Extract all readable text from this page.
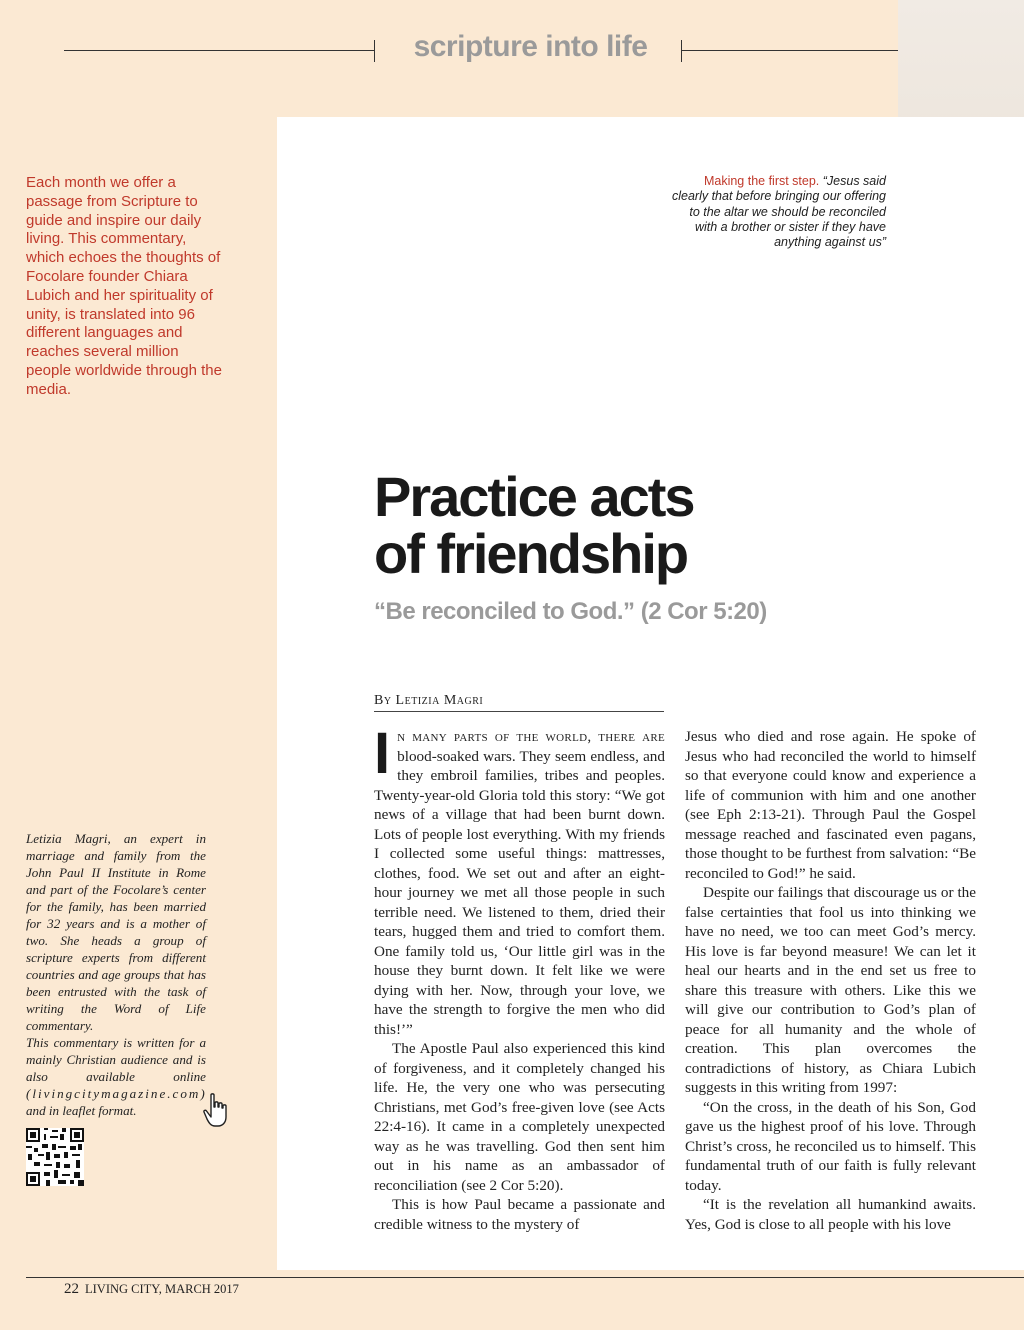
scripture into life
Each month we offer a passage from Scripture to guide and inspire our daily living. This commentary, which echoes the thoughts of Focolare founder Chiara Lubich and her spirituality of unity, is translated into 96 different languages and reaches several million people worldwide through the media.
Making the first step. “Jesus said clearly that before bringing our offering to the altar we should be reconciled with a brother or sister if they have anything against us”
Practice acts
of friendship
“Be reconciled to God.” (2 Cor 5:20)
By Letizia Magri

In many parts of the world, there are blood-soaked wars. They seem endless, and they embroil families, tribes and peoples. Twenty-year-old Gloria told this story: “We got news of a village that had been burnt down. Lots of people lost everything. With my friends I collected some useful things: mattresses, clothes, food. We set out and after an eight-hour journey we met all those people in such terrible need. We listened to them, dried their tears, hugged them and tried to comfort them. One family told us, ‘Our little girl was in the house they burnt down. It felt like we were dying with her. Now, through your love, we have the strength to forgive the men who did this!’”

The Apostle Paul also experienced this kind of forgiveness, and it completely changed his life. He, the very one who was persecuting Christians, met God’s free-given love (see Acts 22:4-16). It came in a completely unexpected way as he was travelling. God then sent him out in his name as an ambassador of reconciliation (see 2 Cor 5:20).

This is how Paul became a passionate and credible witness to the mystery of

Jesus who died and rose again. He spoke of Jesus who had reconciled the world to himself so that everyone could know and experience a life of communion with him and one another (see Eph 2:13-21). Through Paul the Gospel message reached and fascinated even pagans, those thought to be furthest from salvation: “Be reconciled to God!” he said.

Despite our failings that discourage us or the false certainties that fool us into thinking we have no need, we too can meet God’s mercy. His love is far beyond measure! We can let it heal our hearts and in the end set us free to share this treasure with others. Like this we will give our contribution to God’s plan of peace for all humanity and the whole of creation. This plan overcomes the contradictions of history, as Chiara Lubich suggests in this writing from 1997:

“On the cross, in the death of his Son, God gave us the highest proof of his love. Through Christ’s cross, he reconciled us to himself. This fundamental truth of our faith is fully relevant today.

“It is the revelation all humankind awaits. Yes, God is close to all people with his love

Letizia Magri, an expert in marriage and family from the John Paul II Institute in Rome and part of the Focolare’s center for the family, has been married for 32 years and is a mother of two. She heads a group of scripture experts from different countries and age groups that has been entrusted with the task of writing the Word of Life commentary.

This commentary is written for a mainly Christian audience and is also available online (livingcitymagazine.com) and in leaflet format.

22 LIVING CITY, MARCH 2017
